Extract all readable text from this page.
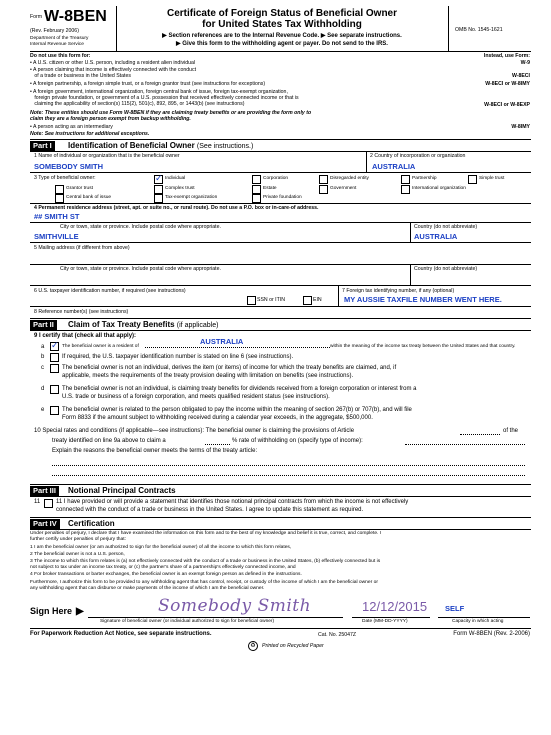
Form W-8BEN
(Rev. February 2006)
Department of the Treasury
Internal Revenue Service
Certificate of Foreign Status of Beneficial Owner
for United States Tax Withholding
▶ Section references are to the Internal Revenue Code. ▶ See separate instructions.
▶ Give this form to the withholding agent or payer. Do not send to the IRS.
OMB No. 1545-1621
Do not use this form for:	Instead, use Form:
• A U.S. citizen or other U.S. person, including a resident alien individual	W-9
• A person claiming that income is effectively connected with the conduct
of a trade or business in the United States	W-8ECI
• A foreign partnership, a foreign simple trust, or a foreign grantor trust (see instructions for exceptions)	W-8ECI or W-8IMY
• A foreign government, international organization, foreign central bank of issue, foreign tax-exempt organization,
foreign private foundation, or government of a U.S. possession that received effectively connected income or that is
claiming the applicability of section(s) 115(2), 501(c), 892, 895, or 1443(b) (see instructions)	W-8ECI or W-8EXP
Note: These entities should use Form W-8BEN if they are claiming treaty benefits or are providing the form only to
claim they are a foreign person exempt from backup withholding.
• A person acting as an intermediary	W-8IMY
Note: See instructions for additional exceptions.
Part I	Identification of Beneficial Owner (See instructions.)
1 Name of individual or organization that is the beneficial owner
SOMEBODY SMITH
2 Country of incorporation or organization
AUSTRALIA
3 Type of beneficial owner: ✓	Individual	Corporation	Disregarded entity	Partnership	Simple trust
Grantor trust	Complex trust	Estate	Government	International organization
Central bank of issue	Tax-exempt organization	Private foundation
4 Permanent residence address (street, apt. or suite no., or rural route). Do not use a P.O. box or in-care-of address.
## SMITH ST
City or town, state or province. Include postal code where appropriate.	Country (do not abbreviate)
SMITHVILLE	AUSTRALIA
5 Mailing address (if different from above)
City or town, state or province. Include postal code where appropriate.	Country (do not abbreviate)
6 U.S. taxpayer identification number, if required (see instructions)
SSN or ITIN	EIN
7 Foreign tax identifying number, if any (optional)
MY AUSSIE TAXFILE NUMBER WENT HERE.
8 Reference number(s) (see instructions)
Part II	Claim of Tax Treaty Benefits (if applicable)
9 I certify that (check all that apply):
a ✓	The beneficial owner is a resident of
AUSTRALIA
within the meaning of the income tax treaty between the United States and that country.
b	If required, the U.S. taxpayer identification number is stated on line 6 (see instructions).
c	The beneficial owner is not an individual, derives the item (or items) of income for which the treaty benefits are claimed, and, if
applicable, meets the requirements of the treaty provision dealing with limitation on benefits (see instructions).
d	The beneficial owner is not an individual, is claiming treaty benefits for dividends received from a foreign corporation or interest from a
U.S. trade or business of a foreign corporation, and meets qualified resident status (see instructions).
e	The beneficial owner is related to the person obligated to pay the income within the meaning of section 267(b) or 707(b), and will file
Form 8833 if the amount subject to withholding received during a calendar year exceeds, in the aggregate, $500,000.
10 Special rates and conditions (if applicable—see instructions): The beneficial owner is claiming the provisions of Article	of the
treaty identified on line 9a above to claim a	% rate of withholding on (specify type of income):
Explain the reasons the beneficial owner meets the terms of the treaty article:
Part III	Notional Principal Contracts
11	11 I have provided or will provide a statement that identifies those notional principal contracts from which the income is not effectively
connected with the conduct of a trade or business in the United States. I agree to update this statement as required.
Part IV	Certification
Under penalties of perjury, I declare that I have examined the information on this form and to the best of my knowledge and belief it is true, correct, and complete. I
further certify under penalties of perjury that:
1 I am the beneficial owner (or am authorized to sign for the beneficial owner) of all the income to which this form relates,
2 The beneficial owner is not a U.S. person,
3 The income to which this form relates is (a) not effectively connected with the conduct of a trade or business in the United States, (b) effectively connected but is
not subject to tax under an income tax treaty, or (c) the partner's share of a partnership's effectively connected income, and
4 For broker transactions or barter exchanges, the beneficial owner is an exempt foreign person as defined in the instructions.
Furthermore, I authorize this form to be provided to any withholding agent that has control, receipt, or custody of the income of which I am the beneficial owner or
any withholding agent that can disburse or make payments of the income of which I am the beneficial owner.
Sign Here ▶	Somebody Smith
Signature of beneficial owner (or individual authorized to sign for beneficial owner)
12/12/2015
Date (MM-DD-YYYY)
SELF
Capacity in which acting
For Paperwork Reduction Act Notice, see separate instructions.	Cat. No. 25047Z	Form W-8BEN (Rev. 2-2006)
♻	Printed on Recycled Paper
